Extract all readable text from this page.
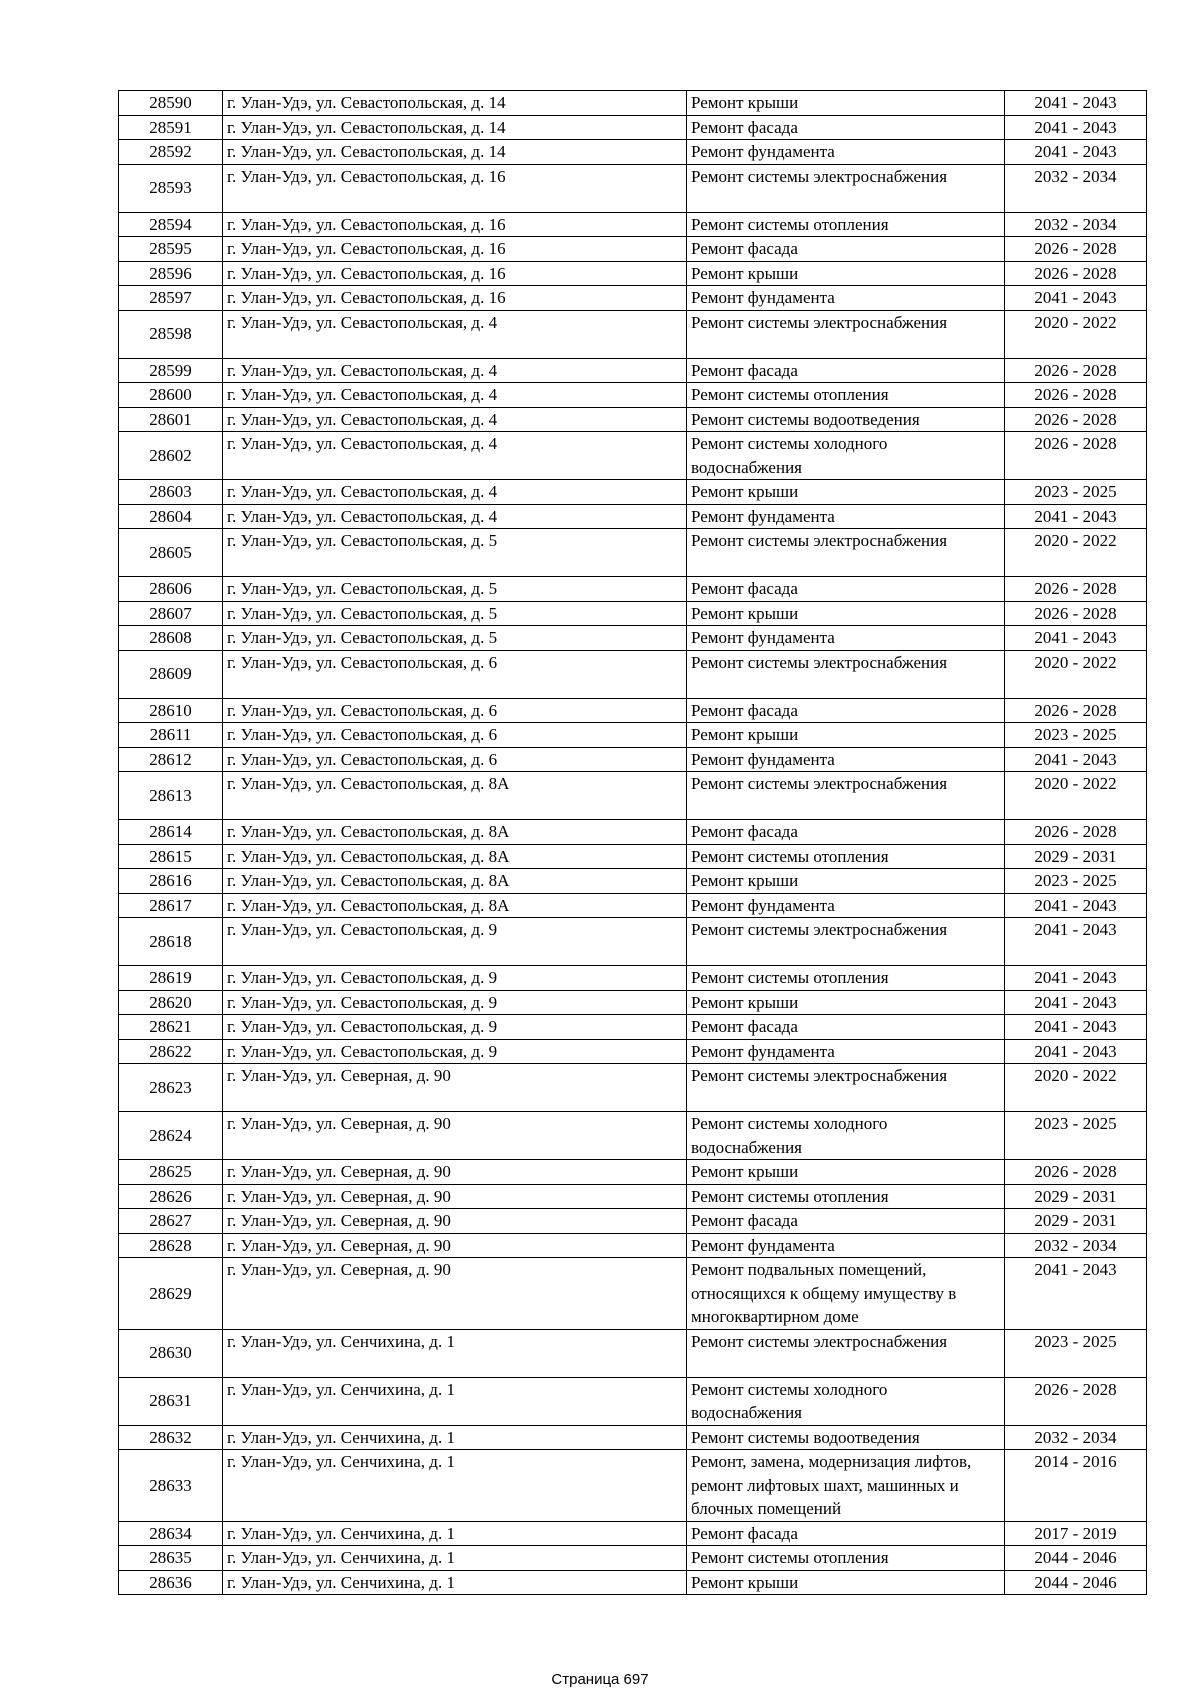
28590	г. Улан-Удэ, ул. Севастопольская, д. 14	Ремонт крыши	2041 - 2043
28591	г. Улан-Удэ, ул. Севастопольская, д. 14	Ремонт фасада	2041 - 2043
28592	г. Улан-Удэ, ул. Севастопольская, д. 14	Ремонт фундамента	2041 - 2043
28593	г. Улан-Удэ, ул. Севастопольская, д. 16	Ремонт системы электроснабжения	2032 - 2034
28594	г. Улан-Удэ, ул. Севастопольская, д. 16	Ремонт системы отопления	2032 - 2034
28595	г. Улан-Удэ, ул. Севастопольская, д. 16	Ремонт фасада	2026 - 2028
28596	г. Улан-Удэ, ул. Севастопольская, д. 16	Ремонт крыши	2026 - 2028
28597	г. Улан-Удэ, ул. Севастопольская, д. 16	Ремонт фундамента	2041 - 2043
28598	г. Улан-Удэ, ул. Севастопольская, д. 4	Ремонт системы электроснабжения	2020 - 2022
28599	г. Улан-Удэ, ул. Севастопольская, д. 4	Ремонт фасада	2026 - 2028
28600	г. Улан-Удэ, ул. Севастопольская, д. 4	Ремонт системы отопления	2026 - 2028
28601	г. Улан-Удэ, ул. Севастопольская, д. 4	Ремонт системы водоотведения	2026 - 2028
28602	г. Улан-Удэ, ул. Севастопольская, д. 4	Ремонт системы холодного водоснабжения	2026 - 2028
28603	г. Улан-Удэ, ул. Севастопольская, д. 4	Ремонт крыши	2023 - 2025
28604	г. Улан-Удэ, ул. Севастопольская, д. 4	Ремонт фундамента	2041 - 2043
28605	г. Улан-Удэ, ул. Севастопольская, д. 5	Ремонт системы электроснабжения	2020 - 2022
28606	г. Улан-Удэ, ул. Севастопольская, д. 5	Ремонт фасада	2026 - 2028
28607	г. Улан-Удэ, ул. Севастопольская, д. 5	Ремонт крыши	2026 - 2028
28608	г. Улан-Удэ, ул. Севастопольская, д. 5	Ремонт фундамента	2041 - 2043
28609	г. Улан-Удэ, ул. Севастопольская, д. 6	Ремонт системы электроснабжения	2020 - 2022
28610	г. Улан-Удэ, ул. Севастопольская, д. 6	Ремонт фасада	2026 - 2028
28611	г. Улан-Удэ, ул. Севастопольская, д. 6	Ремонт крыши	2023 - 2025
28612	г. Улан-Удэ, ул. Севастопольская, д. 6	Ремонт фундамента	2041 - 2043
28613	г. Улан-Удэ, ул. Севастопольская, д. 8А	Ремонт системы электроснабжения	2020 - 2022
28614	г. Улан-Удэ, ул. Севастопольская, д. 8А	Ремонт фасада	2026 - 2028
28615	г. Улан-Удэ, ул. Севастопольская, д. 8А	Ремонт системы отопления	2029 - 2031
28616	г. Улан-Удэ, ул. Севастопольская, д. 8А	Ремонт крыши	2023 - 2025
28617	г. Улан-Удэ, ул. Севастопольская, д. 8А	Ремонт фундамента	2041 - 2043
28618	г. Улан-Удэ, ул. Севастопольская, д. 9	Ремонт системы электроснабжения	2041 - 2043
28619	г. Улан-Удэ, ул. Севастопольская, д. 9	Ремонт системы отопления	2041 - 2043
28620	г. Улан-Удэ, ул. Севастопольская, д. 9	Ремонт крыши	2041 - 2043
28621	г. Улан-Удэ, ул. Севастопольская, д. 9	Ремонт фасада	2041 - 2043
28622	г. Улан-Удэ, ул. Севастопольская, д. 9	Ремонт фундамента	2041 - 2043
28623	г. Улан-Удэ, ул. Северная, д. 90	Ремонт системы электроснабжения	2020 - 2022
28624	г. Улан-Удэ, ул. Северная, д. 90	Ремонт системы холодного водоснабжения	2023 - 2025
28625	г. Улан-Удэ, ул. Северная, д. 90	Ремонт крыши	2026 - 2028
28626	г. Улан-Удэ, ул. Северная, д. 90	Ремонт системы отопления	2029 - 2031
28627	г. Улан-Удэ, ул. Северная, д. 90	Ремонт фасада	2029 - 2031
28628	г. Улан-Удэ, ул. Северная, д. 90	Ремонт фундамента	2032 - 2034
28629	г. Улан-Удэ, ул. Северная, д. 90	Ремонт подвальных помещений, относящихся к общему имуществу в многоквартирном доме	2041 - 2043
28630	г. Улан-Удэ, ул. Сенчихина, д. 1	Ремонт системы электроснабжения	2023 - 2025
28631	г. Улан-Удэ, ул. Сенчихина, д. 1	Ремонт системы холодного водоснабжения	2026 - 2028
28632	г. Улан-Удэ, ул. Сенчихина, д. 1	Ремонт системы водоотведения	2032 - 2034
28633	г. Улан-Удэ, ул. Сенчихина, д. 1	Ремонт, замена, модернизация лифтов, ремонт лифтовых шахт, машинных и блочных помещений	2014 - 2016
28634	г. Улан-Удэ, ул. Сенчихина, д. 1	Ремонт фасада	2017 - 2019
28635	г. Улан-Удэ, ул. Сенчихина, д. 1	Ремонт системы отопления	2044 - 2046
28636	г. Улан-Удэ, ул. Сенчихина, д. 1	Ремонт крыши	2044 - 2046
Страница 697
